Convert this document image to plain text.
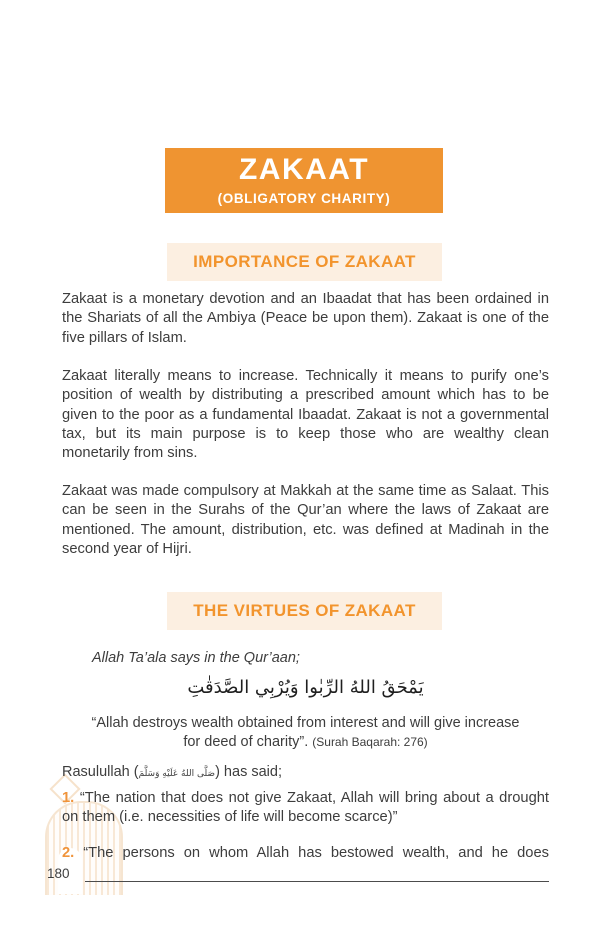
ZAKAAT
(OBLIGATORY CHARITY)
IMPORTANCE OF ZAKAAT

Zakaat is a monetary devotion and an Ibaadat that has been ordained in the Shariats of all the Ambiya (Peace be upon them). Zakaat is one of the five pillars of Islam.

Zakaat literally means to increase. Technically it means to purify one’s position of wealth by distributing a prescribed amount which has to be given to the poor as a fundamental Ibaadat. Zakaat is not a governmental tax, but its main purpose is to keep those who are wealthy clean monetarily from sins.

Zakaat was made compulsory at Makkah at the same time as Salaat. This can be seen in the Surahs of the Qur’an where the laws of Zakaat are mentioned. The amount, distribution, etc. was defined at Madinah in the second year of Hijri.

THE VIRTUES OF ZAKAAT

Allah Ta’ala says in the Qur’aan;

يَمْحَقُ اللهُ الرِّبٰوا وَيُرْبِي الصَّدَقٰتِ

“Allah destroys wealth obtained from interest and will give increase
for deed of charity”. (Surah Baqarah: 276)

Rasulullah (صَلَّى اللهُ عَلَيْهِ وَسَلَّمَ) has said;

1. “The nation that does not give Zakaat, Allah will bring about a drought on them (i.e. necessities of life will become scarce)”

2. “The persons on whom Allah has bestowed wealth, and he does

180
